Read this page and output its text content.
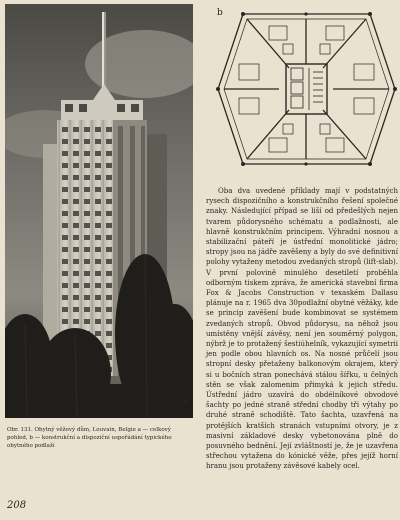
a
b

Obr. 131. Obytný věžový dům, Louvain, Belgie a — celkový pohled, b — konstrukční a dispoziční uspořádání typického obytného podlaží

Oba dva uvedené příklady mají v podstatných rysech dispozičního a konstrukčního řešení společné znaky. Následující případ se liší od předešlých nejen tvarem půdorysného schématu a podlažnosti, ale hlavně konstrukčním principem. Výhradní nosnou a stabilizační páteří je ústřední monolitické jádro; stropy jsou na jádře zavěšeny a byly do své definitivní polohy vytaženy metodou zvedaných stropů (lift-slab). V první polovině minulého desetiletí proběhla odborným tiskem zpráva, že americká stavební firma Fox & Jacobs Construction v texaském Dallasu plánuje na r. 1965 dva 30podlažní obytné věžáky, kde se princip zavěšení bude kombinovat se systémem zvedaných stropů. Obvod půdorysu, na něhož jsou umístěny vnější závěsy, není jen souměrný polygon, nýbrž je to protažený šestiúhelník, vykazující symetrii jen podle obou hlavních os. Na nosné průčelí jsou stropní desky přetaženy balkonovým okrajem, který si u bočních stran ponechává stálou šířku, u čelných stěn se však zalomenim přimyká k jejich středu. Ústřední jádro uzavírá do obdélníkové obvodové šachty po jedné straně střední chodby tři výtahy po druhé straně schodiště. Tato šachta, uzavřená na protějších kratších stranách vstupními otvory, je z masivní základové desky vybetonována plně do posuvného bednění. Její zvláštností je, že je uzavřena střechou vytažena do kónické věže, přes jejíž horní hranu jsou protaženy závěsové kabely ocel.

208
